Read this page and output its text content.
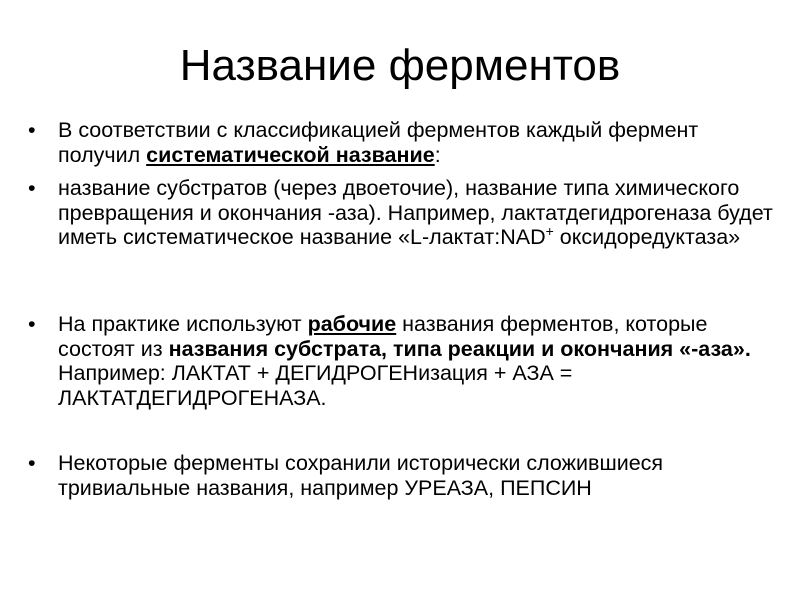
Название ферментов
• В соответствии с классификацией ферментов каждый фермент получил систематической название:
• название субстратов (через двоеточие), название типа химического превращения и окончания -аза). Например, лактатдегидрогеназа будет иметь систематическое название «L-лактат:NAD+ оксидоредуктаза»
• На практике используют рабочие названия ферментов, которые состоят из названия субстрата, типа реакции и окончания «-аза». Например: ЛАКТАТ + ДЕГИДРОГЕНизация + АЗА = ЛАКТАТДЕГИДРОГЕНАЗА.
• Некоторые ферменты сохранили исторически сложившиеся тривиальные названия, например УРЕАЗА, ПЕПСИН
